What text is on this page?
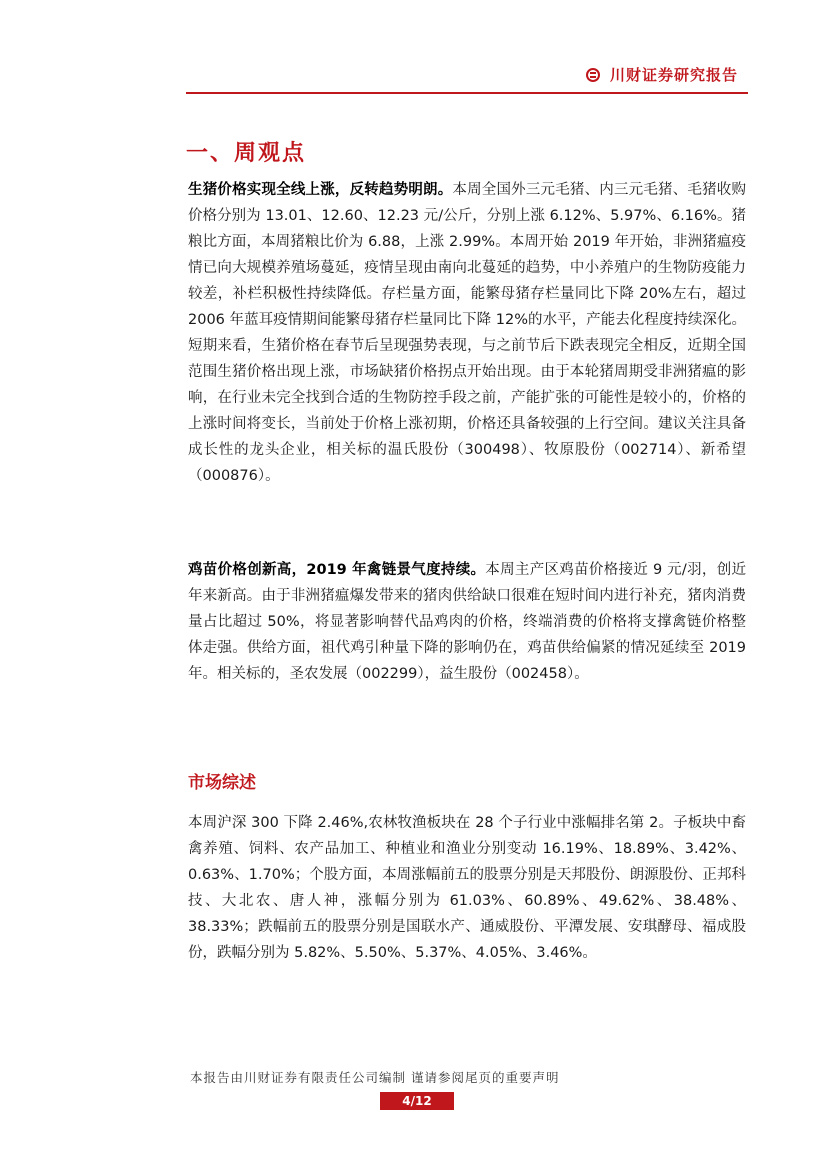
川财证券研究报告
一、周观点
生猪价格实现全线上涨，反转趋势明朗。本周全国外三元毛猪、内三元毛猪、毛猪收购价格分别为 13.01、12.60、12.23 元/公斤，分别上涨 6.12%、5.97%、6.16%。猪粮比方面，本周猪粮比价为 6.88，上涨 2.99%。本周开始 2019 年开始，非洲猪瘟疫情已向大规模养殖场蔓延，疫情呈现由南向北蔓延的趋势，中小养殖户的生物防疫能力较差，补栏积极性持续降低。存栏量方面，能繁母猪存栏量同比下降 20%左右，超过 2006 年蓝耳疫情期间能繁母猪存栏量同比下降 12%的水平，产能去化程度持续深化。短期来看，生猪价格在春节后呈现强势表现，与之前节后下跌表现完全相反，近期全国范围生猪价格出现上涨，市场缺猪价格拐点开始出现。由于本轮猪周期受非洲猪瘟的影响，在行业未完全找到合适的生物防控手段之前，产能扩张的可能性是较小的，价格的上涨时间将变长，当前处于价格上涨初期，价格还具备较强的上行空间。建议关注具备成长性的龙头企业，相关标的温氏股份（300498）、牧原股份（002714）、新希望（000876）。
鸡苗价格创新高，2019 年禽链景气度持续。本周主产区鸡苗价格接近 9 元/羽，创近年来新高。由于非洲猪瘟爆发带来的猪肉供给缺口很难在短时间内进行补充，猪肉消费量占比超过 50%，将显著影响替代品鸡肉的价格，终端消费的价格将支撑禽链价格整体走强。供给方面，祖代鸡引种量下降的影响仍在，鸡苗供给偏紧的情况延续至 2019 年。相关标的，圣农发展（002299），益生股份（002458）。
市场综述
本周沪深 300 下降 2.46%,农林牧渔板块在 28 个子行业中涨幅排名第 2。子板块中畜禽养殖、饲料、农产品加工、种植业和渔业分别变动 16.19%、18.89%、3.42%、0.63%、1.70%；个股方面，本周涨幅前五的股票分别是天邦股份、朗源股份、正邦科技、大北农、唐人神，涨幅分别为 61.03%、60.89%、49.62%、38.48%、38.33%；跌幅前五的股票分别是国联水产、通威股份、平潭发展、安琪酵母、福成股份，跌幅分别为 5.82%、5.50%、5.37%、4.05%、3.46%。
本报告由川财证券有限责任公司编制 谨请参阅尾页的重要声明
4/12
